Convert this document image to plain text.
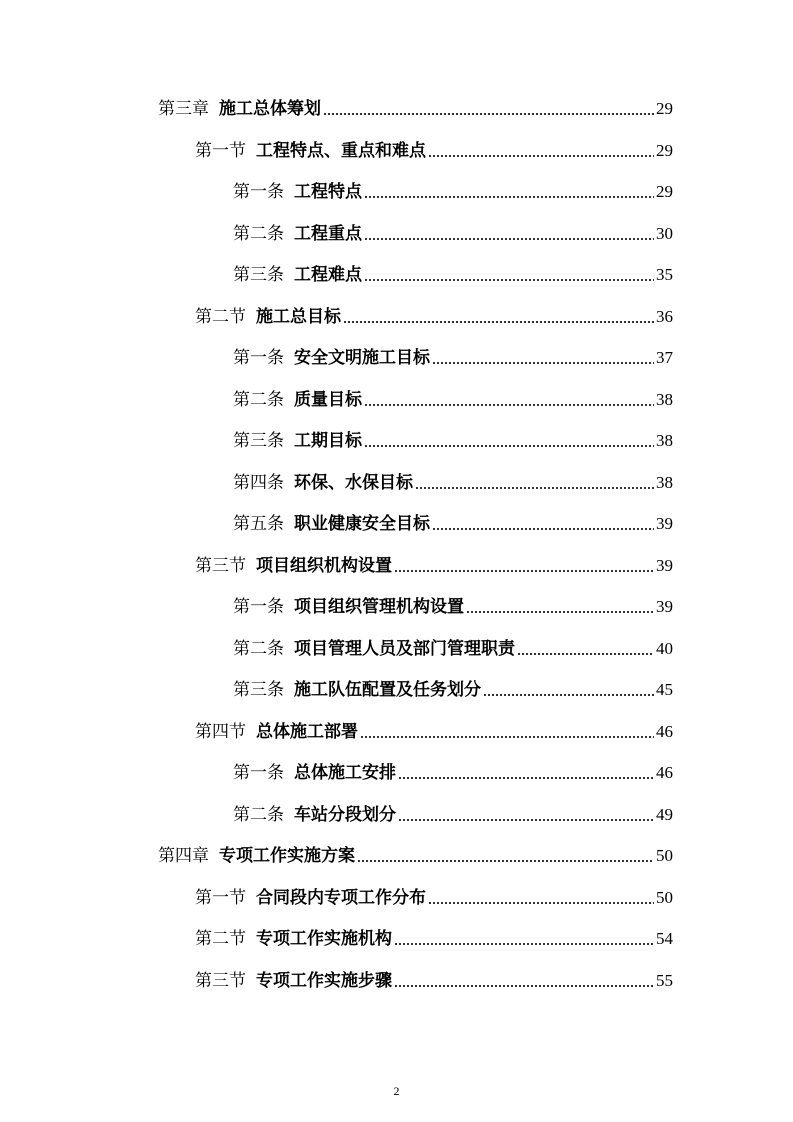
第三章 施工总体筹划	29
第一节 工程特点、重点和难点	29
第一条 工程特点	29
第二条 工程重点	30
第三条 工程难点	35
第二节 施工总目标	36
第一条 安全文明施工目标	37
第二条 质量目标	38
第三条 工期目标	38
第四条 环保、水保目标	38
第五条 职业健康安全目标	39
第三节 项目组织机构设置	39
第一条 项目组织管理机构设置	39
第二条 项目管理人员及部门管理职责	40
第三条 施工队伍配置及任务划分	45
第四节 总体施工部署	46
第一条 总体施工安排	46
第二条 车站分段划分	49
第四章 专项工作实施方案	50
第一节 合同段内专项工作分布	50
第二节 专项工作实施机构	54
第三节 专项工作实施步骤	55
2
